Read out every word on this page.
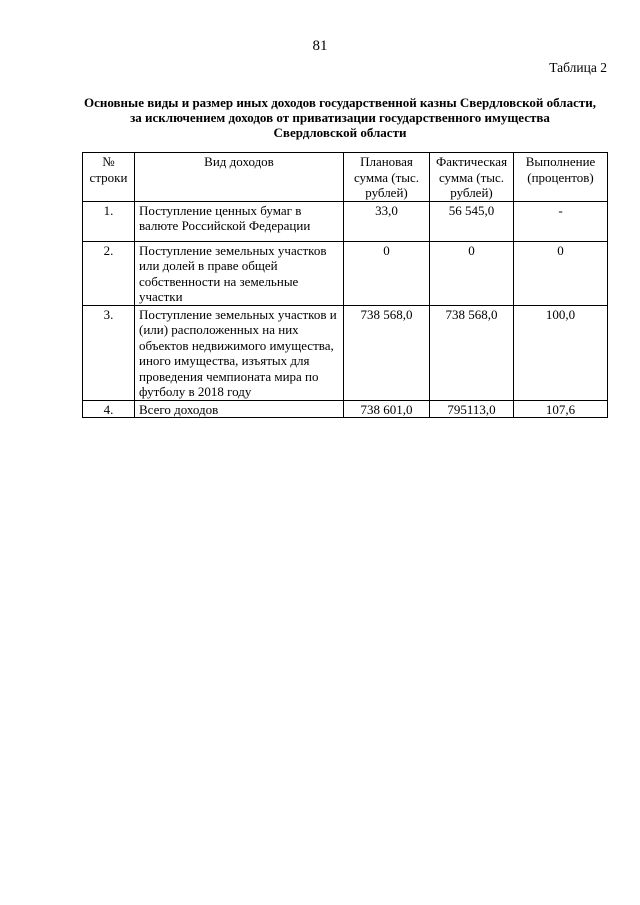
81
Таблица 2
Основные виды и размер иных доходов государственной казны Свердловской области,
за исключением доходов от приватизации государственного имущества
Свердловской области
№ строки	Вид доходов	Плановая сумма (тыс. рублей)	Фактическая сумма (тыс. рублей)	Выполнение (процентов)
1.	Поступление ценных бумаг в валюте Российской Федерации	33,0	56 545,0	-
2.	Поступление земельных участков или долей в праве общей собственности на земельные участки	0	0	0
3.	Поступление земельных участков и (или) расположенных на них объектов недвижимого имущества, иного имущества, изъятых для проведения чемпионата мира по футболу в 2018 году	738 568,0	738 568,0	100,0
4.	Всего доходов	738 601,0	795113,0	107,6
